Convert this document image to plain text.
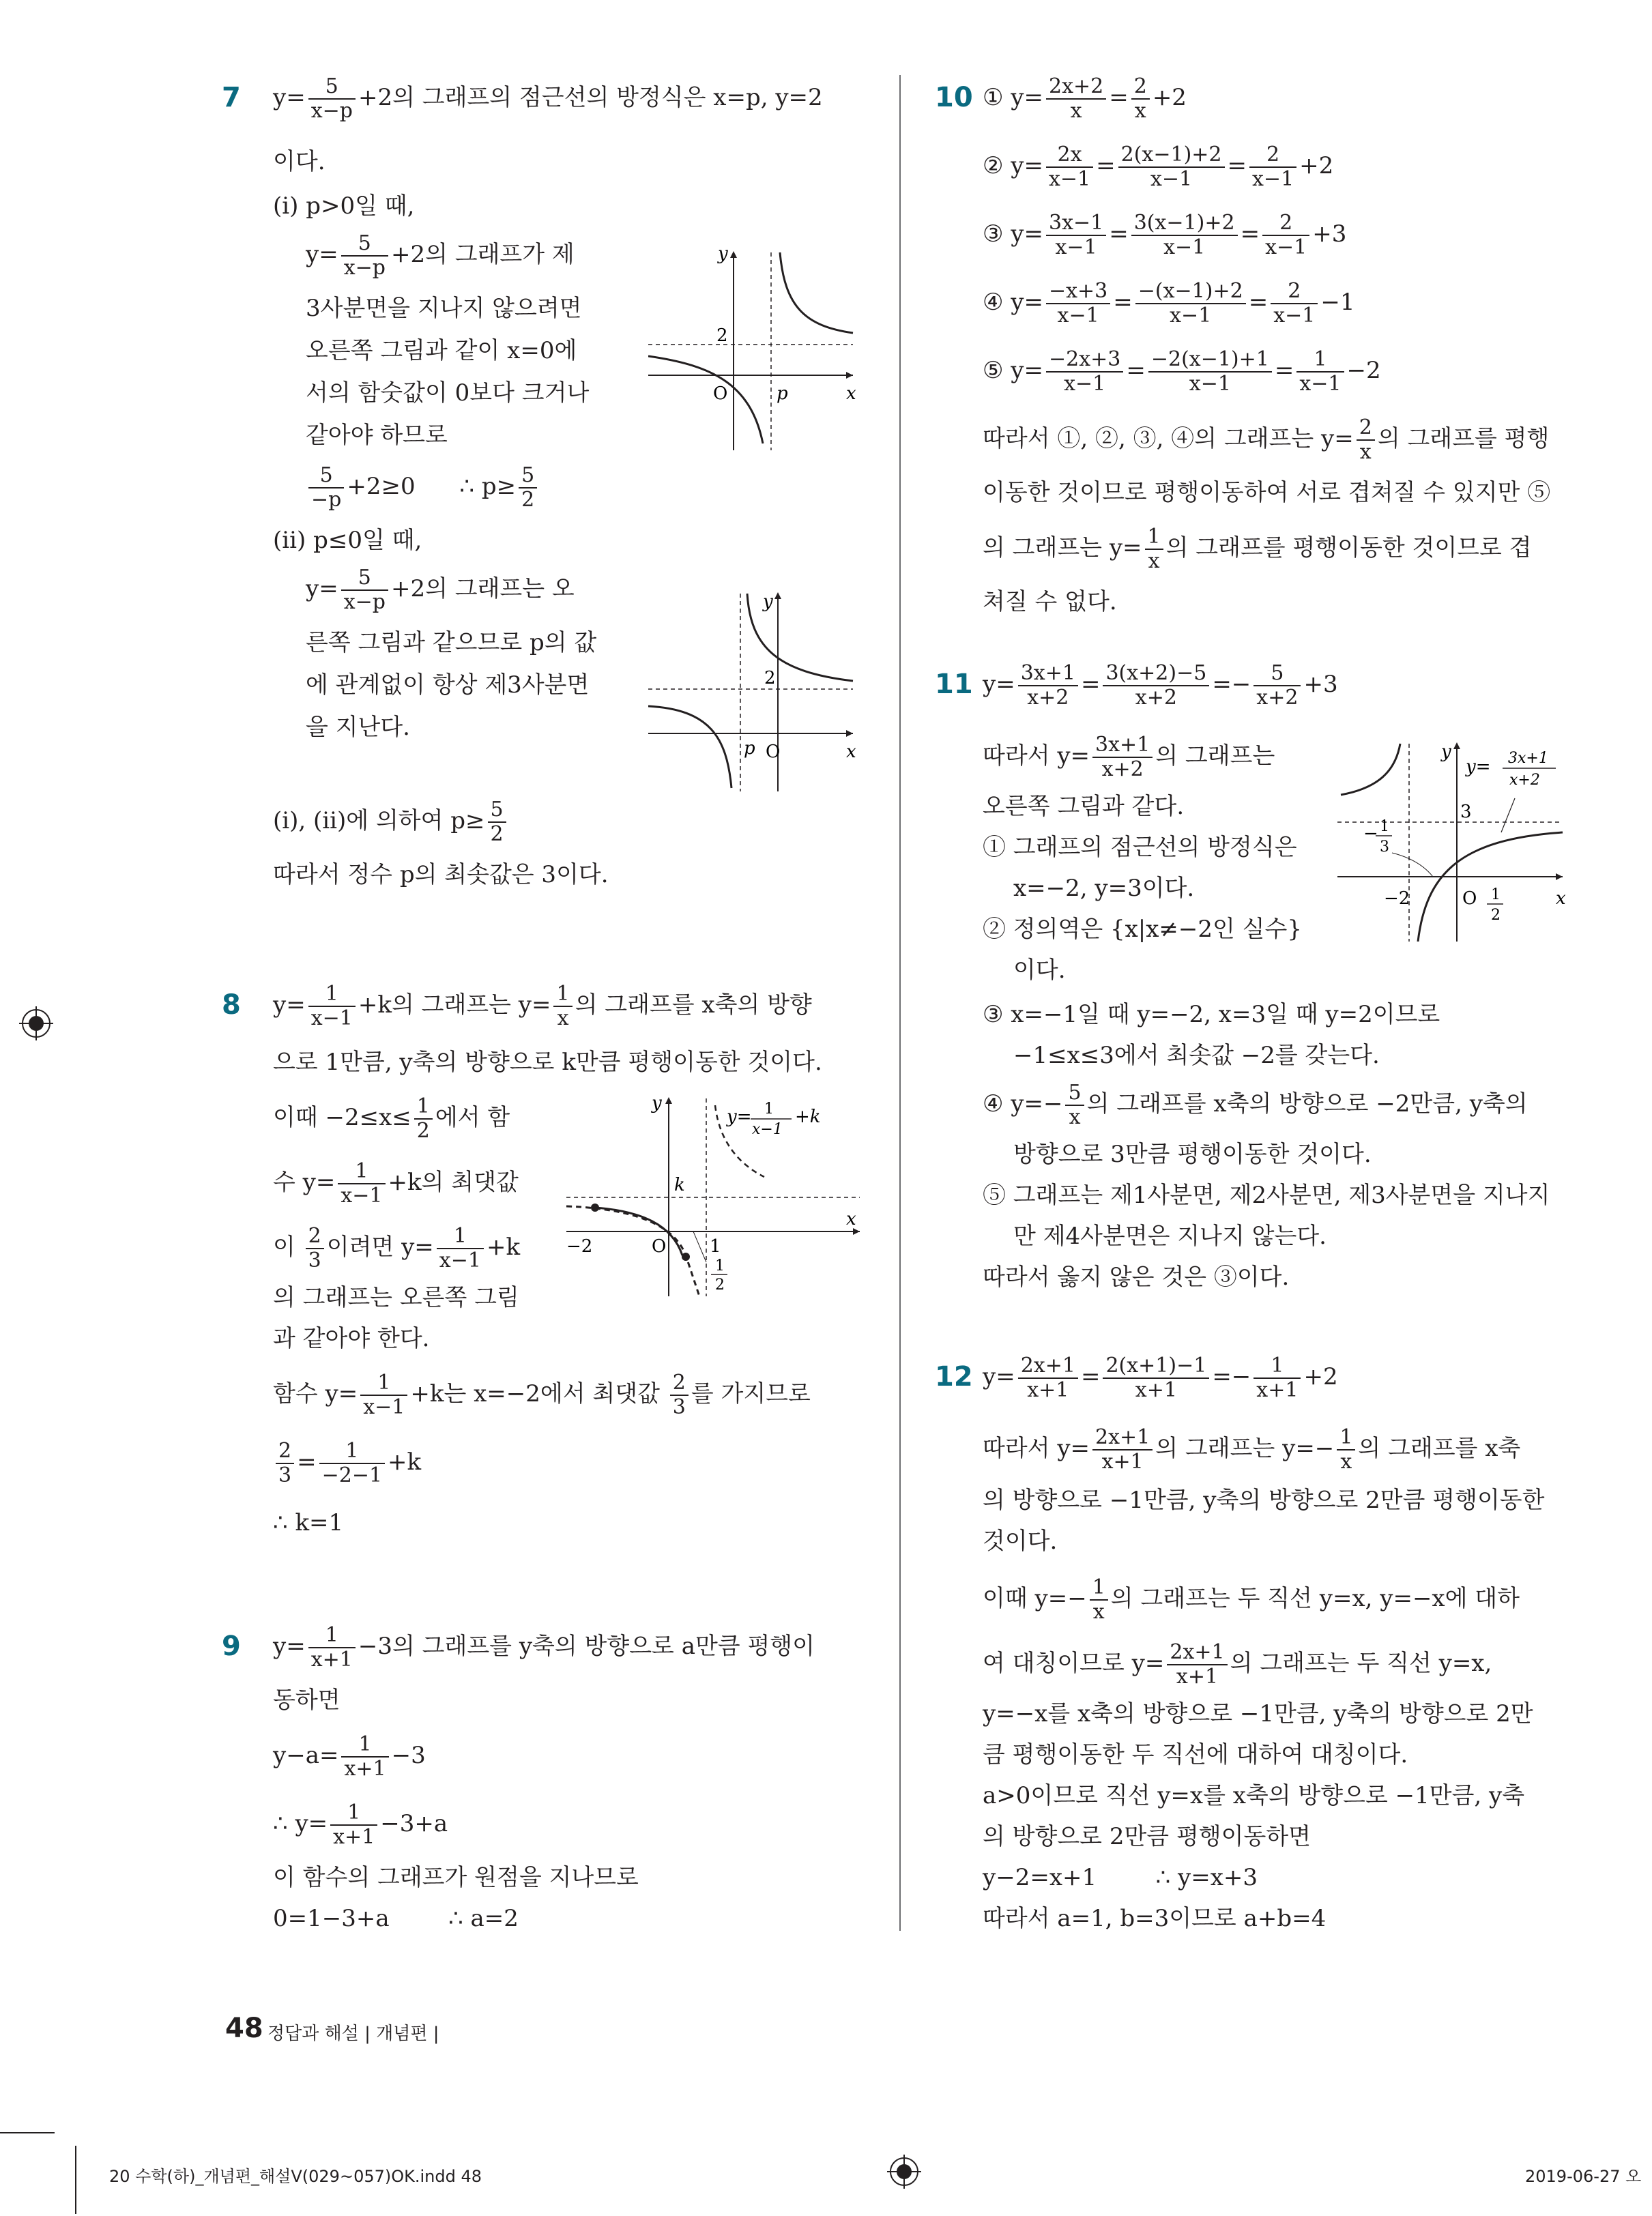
7 $y= \frac{5}{x-p} +2$의 그래프의 점근선의 방정식은 x=p, y=2
이다.
(ⅰ) p>0일 때,
$y= \frac{5}{x-p} +2$의 그래프가 제
3사분면을 지나지 않으려면
오른쪽 그림과 같이 x=0에
서의 함숫값이 0보다 크거나
같아야 하므로
$\frac{5}{-p} +2\ge 0$      ∴ $p\ge \frac{5}{2}$
(ⅱ) p≤0일 때,
$y= \frac{5}{x-p} +2$의 그래프는 오
른쪽 그림과 같으므로 p의 값
에 관계없이 항상 제3사분면
을 지난다.
(ⅰ), (ⅱ)에 의하여 $p\ge \frac{5}{2}$
따라서 정수 p의 최솟값은 3이다.
y
x
O
2
p
y
x
O
2
p
8 $y= \frac{1}{x-1} +k$의 그래프는 $y= \frac{1}{x}$ 의 그래프를 x축의 방향
으로 1만큼, y축의 방향으로 k만큼 평행이동한 것이다.
이때 $-2\le x\le \frac{1}{2}$ 에서 함
수 $y= \frac{1}{x-1} +k$의 최댓값
이 $\frac{2}{3}$ 이려면 $y= \frac{1}{x-1} +k$
의 그래프는 오른쪽 그림
과 같아야 한다.
함수 $y= \frac{1}{x-1} +k$는 x=−2에서 최댓값 $\frac{2}{3}$ 를 가지므로
$\frac{2}{3} = \frac{1}{-2-1} +k$
∴ k=1
y
x
O
k
−2	1
1
2
y= 1
x−1
+k
9 $y= \frac{1}{x+1} -3$의 그래프를 y축의 방향으로 a만큼 평행이
동하면
$y-a= \frac{1}{x+1} -3$
∴ $y= \frac{1}{x+1} -3+a$
이 함수의 그래프가 원점을 지나므로
0=1−3+a        ∴ a=2
10 ① $y= \frac{2x+2}{x} = \frac{2}{x} +2$
② $y= \frac{2x}{x-1} = \frac{2(x-1)+2}{x-1} = \frac{2}{x-1} +2$
③ $y= \frac{3x-1}{x-1} = \frac{3(x-1)+2}{x-1} = \frac{2}{x-1} +3$
④ $y= \frac{-x+3}{x-1} = \frac{-(x-1)+2}{x-1} = \frac{2}{x-1} -1$
⑤ $y= \frac{-2x+3}{x-1} = \frac{-2(x-1)+1}{x-1} = \frac{1}{x-1} -2$
따라서 ①, ②, ③, ④의 그래프는 $y= \frac{2}{x}$ 의 그래프를 평행
이동한 것이므로 평행이동하여 서로 겹쳐질 수 있지만 ⑤
의 그래프는 $y= \frac{1}{x}$ 의 그래프를 평행이동한 것이므로 겹
쳐질 수 없다.
11 $y= \frac{3x+1}{x+2} = \frac{3(x+2)-5}{x+2} =- \frac{5}{x+2} +3$
따라서 $y= \frac{3x+1}{x+2}$ 의 그래프는
오른쪽 그림과 같다.
① 그래프의 점근선의 방정식은
x=−2, y=3이다.
② 정의역은 {x|x≠−2인 실수}
이다.
③ x=−1일 때 y=−2, x=3일 때 y=2이므로
−1≤x≤3에서 최솟값 −2를 갖는다.
④ $y=- \frac{5}{x}$ 의 그래프를 x축의 방향으로 −2만큼, y축의
방향으로 3만큼 평행이동한 것이다.
⑤ 그래프는 제1사분면, 제2사분면, 제3사분면을 지나지
만 제4사분면은 지나지 않는다.
따라서 옳지 않은 것은 ③이다.
y
x
O
3
−2
− 1
3
1
2
y= 3x+1
x+2
12 $y= \frac{2x+1}{x+1} = \frac{2(x+1)-1}{x+1} =- \frac{1}{x+1} +2$
따라서 $y= \frac{2x+1}{x+1}$ 의 그래프는 $y=- \frac{1}{x}$ 의 그래프를 x축
의 방향으로 −1만큼, y축의 방향으로 2만큼 평행이동한
것이다.
이때 $y=- \frac{1}{x}$ 의 그래프는 두 직선 y=x, y=−x에 대하
여 대칭이므로 $y= \frac{2x+1}{x+1}$ 의 그래프는 두 직선 y=x,
y=−x를 x축의 방향으로 −1만큼, y축의 방향으로 2만
큼 평행이동한 두 직선에 대하여 대칭이다.
a>0이므로 직선 y=x를 x축의 방향으로 −1만큼, y축
의 방향으로 2만큼 평행이동하면
y−2=x+1        ∴ y=x+3
따라서 a=1, b=3이므로 a+b=4
48 정답과 해설 | 개념편 |
20 수학(하)_개념편_해설Ⅴ(029~057)OK.indd 48	2019-06-27 오
